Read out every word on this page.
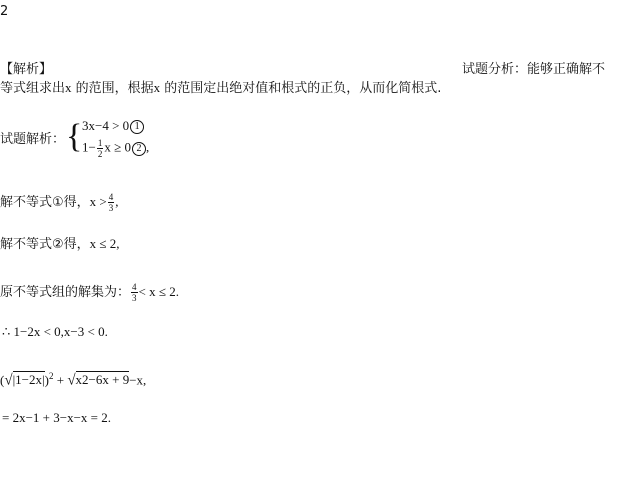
2
【解析】	试题分析：能够正确解不
等式组求出x 的范围，根据x 的范围定出绝对值和根式的正负，从而化简根式.
试题解析： { 3x−4 > 0 1
$1- \frac{1}{2}$ x ≥ 0 2 ,
解不等式①得，$x > \frac{4}{3}$ ,
解不等式②得，x ≤ 2,
原不等式组的解集为： $\frac{4}{3} < x \le 2$.
∴ 1−2x < 0,x−3 < 0.
$(√|1-2x|)^2 + √x2-6x + 9-x$,
= 2x−1 + 3−x−x = 2.
